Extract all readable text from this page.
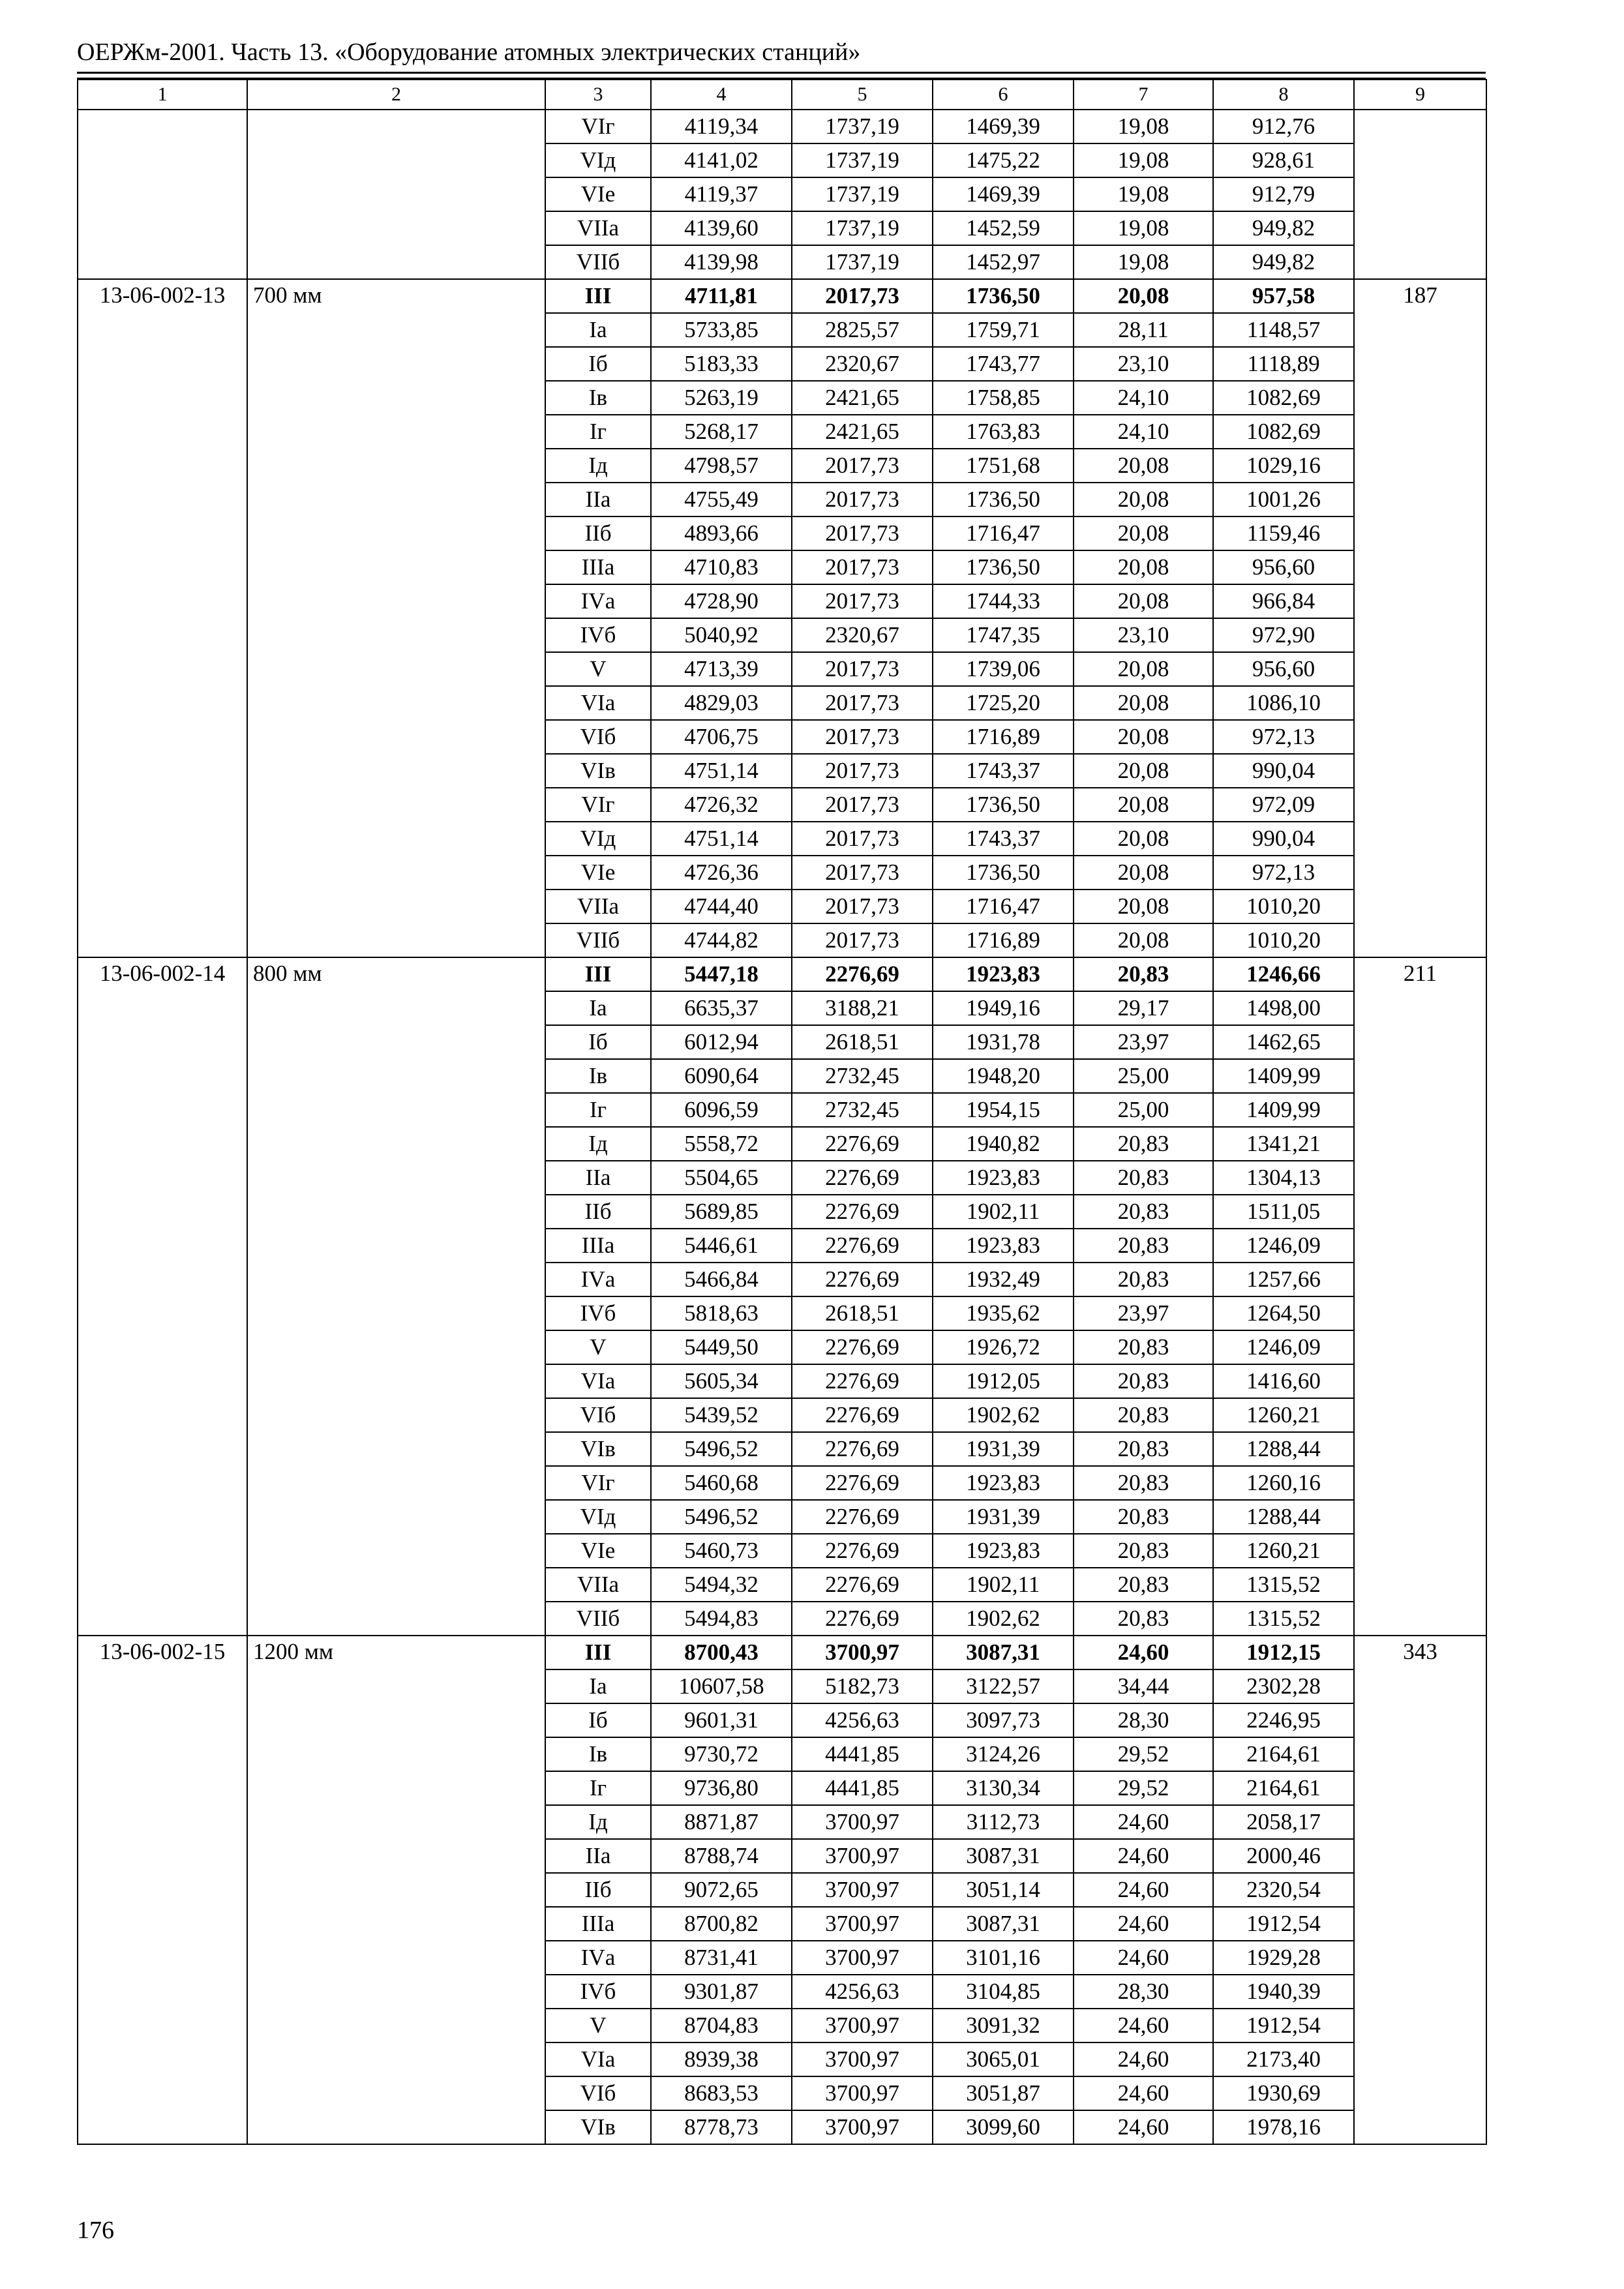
ОЕРЖм-2001. Часть 13. «Оборудование атомных электрических станций»
1	2	3	4	5	6	7	8	9
		VIг	4119,34	1737,19	1469,39	19,08	912,76	
		VIд	4141,02	1737,19	1475,22	19,08	928,61	
		VIе	4119,37	1737,19	1469,39	19,08	912,79	
		VIIа	4139,60	1737,19	1452,59	19,08	949,82	
		VIIб	4139,98	1737,19	1452,97	19,08	949,82	
13-06-002-13	700 мм	III	4711,81	2017,73	1736,50	20,08	957,58	187
		Iа	5733,85	2825,57	1759,71	28,11	1148,57	
		Iб	5183,33	2320,67	1743,77	23,10	1118,89	
		Iв	5263,19	2421,65	1758,85	24,10	1082,69	
		Iг	5268,17	2421,65	1763,83	24,10	1082,69	
		Iд	4798,57	2017,73	1751,68	20,08	1029,16	
		IIа	4755,49	2017,73	1736,50	20,08	1001,26	
		IIб	4893,66	2017,73	1716,47	20,08	1159,46	
		IIIа	4710,83	2017,73	1736,50	20,08	956,60	
		IVа	4728,90	2017,73	1744,33	20,08	966,84	
		IVб	5040,92	2320,67	1747,35	23,10	972,90	
		V	4713,39	2017,73	1739,06	20,08	956,60	
		VIа	4829,03	2017,73	1725,20	20,08	1086,10	
		VIб	4706,75	2017,73	1716,89	20,08	972,13	
		VIв	4751,14	2017,73	1743,37	20,08	990,04	
		VIг	4726,32	2017,73	1736,50	20,08	972,09	
		VIд	4751,14	2017,73	1743,37	20,08	990,04	
		VIе	4726,36	2017,73	1736,50	20,08	972,13	
		VIIа	4744,40	2017,73	1716,47	20,08	1010,20	
		VIIб	4744,82	2017,73	1716,89	20,08	1010,20	
13-06-002-14	800 мм	III	5447,18	2276,69	1923,83	20,83	1246,66	211
		Iа	6635,37	3188,21	1949,16	29,17	1498,00	
		Iб	6012,94	2618,51	1931,78	23,97	1462,65	
		Iв	6090,64	2732,45	1948,20	25,00	1409,99	
		Iг	6096,59	2732,45	1954,15	25,00	1409,99	
		Iд	5558,72	2276,69	1940,82	20,83	1341,21	
		IIа	5504,65	2276,69	1923,83	20,83	1304,13	
		IIб	5689,85	2276,69	1902,11	20,83	1511,05	
		IIIа	5446,61	2276,69	1923,83	20,83	1246,09	
		IVа	5466,84	2276,69	1932,49	20,83	1257,66	
		IVб	5818,63	2618,51	1935,62	23,97	1264,50	
		V	5449,50	2276,69	1926,72	20,83	1246,09	
		VIа	5605,34	2276,69	1912,05	20,83	1416,60	
		VIб	5439,52	2276,69	1902,62	20,83	1260,21	
		VIв	5496,52	2276,69	1931,39	20,83	1288,44	
		VIг	5460,68	2276,69	1923,83	20,83	1260,16	
		VIд	5496,52	2276,69	1931,39	20,83	1288,44	
		VIе	5460,73	2276,69	1923,83	20,83	1260,21	
		VIIа	5494,32	2276,69	1902,11	20,83	1315,52	
		VIIб	5494,83	2276,69	1902,62	20,83	1315,52	
13-06-002-15	1200 мм	III	8700,43	3700,97	3087,31	24,60	1912,15	343
		Iа	10607,58	5182,73	3122,57	34,44	2302,28	
		Iб	9601,31	4256,63	3097,73	28,30	2246,95	
		Iв	9730,72	4441,85	3124,26	29,52	2164,61	
		Iг	9736,80	4441,85	3130,34	29,52	2164,61	
		Iд	8871,87	3700,97	3112,73	24,60	2058,17	
		IIа	8788,74	3700,97	3087,31	24,60	2000,46	
		IIб	9072,65	3700,97	3051,14	24,60	2320,54	
		IIIа	8700,82	3700,97	3087,31	24,60	1912,54	
		IVа	8731,41	3700,97	3101,16	24,60	1929,28	
		IVб	9301,87	4256,63	3104,85	28,30	1940,39	
		V	8704,83	3700,97	3091,32	24,60	1912,54	
		VIа	8939,38	3700,97	3065,01	24,60	2173,40	
		VIб	8683,53	3700,97	3051,87	24,60	1930,69	
		VIв	8778,73	3700,97	3099,60	24,60	1978,16	
176
